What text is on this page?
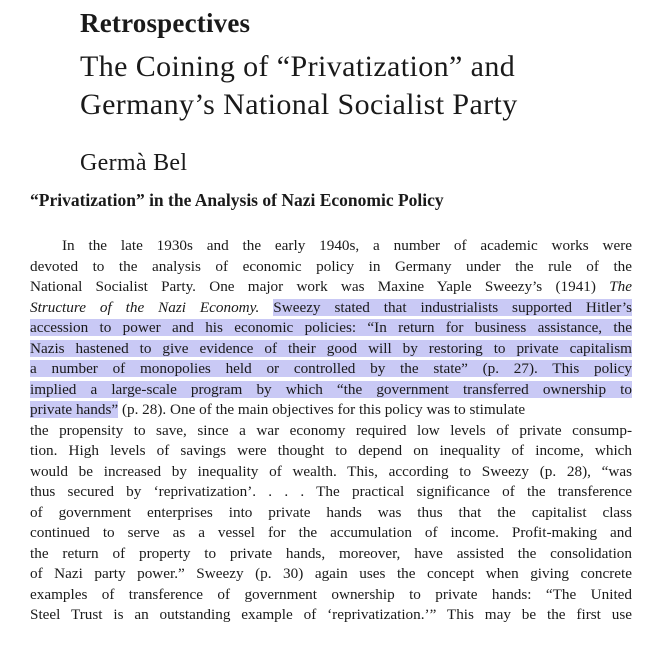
Retrospectives
The Coining of “Privatization” and
Germany’s National Socialist Party
Germà Bel
“Privatization” in the Analysis of Nazi Economic Policy
In the late 1930s and the early 1940s, a number of academic works were
devoted to the analysis of economic policy in Germany under the rule of the
National Socialist Party. One major work was Maxine Yaple Sweezy’s (1941) The
Structure of the Nazi Economy. Sweezy stated that industrialists supported Hitler’s
accession to power and his economic policies: “In return for business assistance, the
Nazis hastened to give evidence of their good will by restoring to private capitalism
a number of monopolies held or controlled by the state” (p. 27). This policy
implied a large-scale program by which “the government transferred ownership to
private hands” (p. 28). One of the main objectives for this policy was to stimulate
the propensity to save, since a war economy required low levels of private consump-
tion. High levels of savings were thought to depend on inequality of income, which
would be increased by inequality of wealth. This, according to Sweezy (p. 28), “was
thus secured by ‘reprivatization’. . . . The practical significance of the transference
of government enterprises into private hands was thus that the capitalist class
continued to serve as a vessel for the accumulation of income. Profit-making and
the return of property to private hands, moreover, have assisted the consolidation
of Nazi party power.” Sweezy (p. 30) again uses the concept when giving concrete
examples of transference of government ownership to private hands: “The United
Steel Trust is an outstanding example of ‘reprivatization.’” This may be the first use
